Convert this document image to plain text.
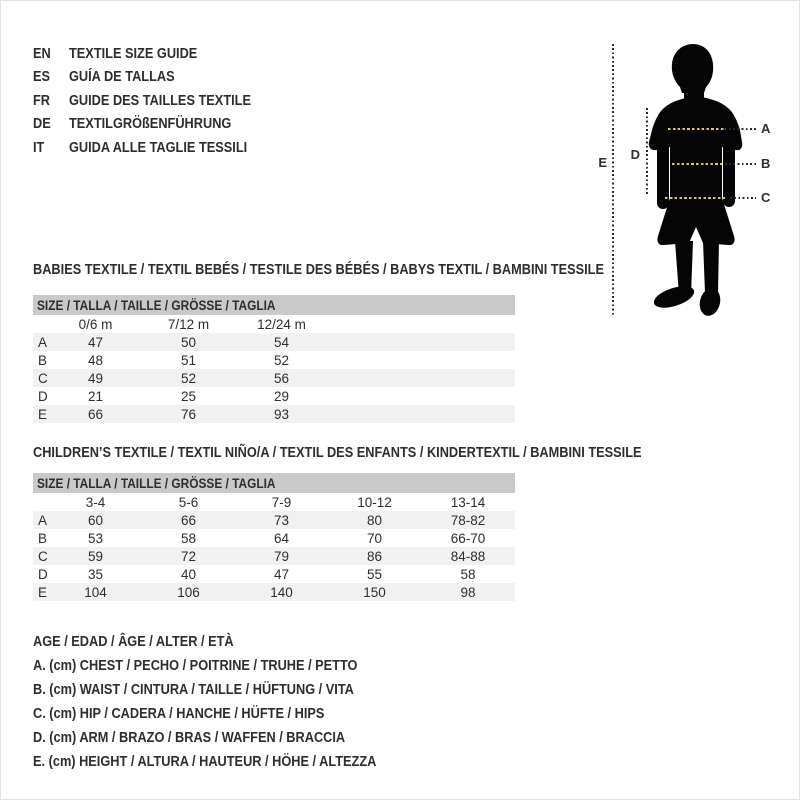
EN	TEXTILE SIZE GUIDE
ES	GUÍA DE TALLAS
FR	GUIDE DES TAILLES TEXTILE
DE	TEXTILGRÖßENFÜHRUNG
IT	GUIDA ALLE TAGLIE TESSILI
A
B
C
D
E
BABIES TEXTILE / TEXTIL BEBÉS / TESTILE DES BÉBÉS / BABYS TEXTIL / BAMBINI TESSILE
SIZE / TALLA / TAILLE / GRÖSSE / TAGLIA					
	0/6 m	7/12 m	12/24 m		
A	47	50	54		
B	48	51	52		
C	49	52	56		
D	21	25	29		
E	66	76	93		
CHILDREN’S TEXTILE / TEXTIL NIÑO/A / TEXTIL DES ENFANTS / KINDERTEXTIL / BAMBINI TESSILE
SIZE / TALLA / TAILLE / GRÖSSE / TAGLIA					
	3-4	5-6	7-9	10-12	13-14
A	60	66	73	80	78-82
B	53	58	64	70	66-70
C	59	72	79	86	84-88
D	35	40	47	55	58
E	104	106	140	150	98
AGE / EDAD / ÂGE / ALTER / ETÀ
A. (cm) CHEST / PECHO / POITRINE / TRUHE / PETTO
B. (cm) WAIST / CINTURA / TAILLE / HÜFTUNG / VITA
C. (cm) HIP / CADERA / HANCHE / HÜFTE / HIPS
D. (cm) ARM / BRAZO / BRAS / WAFFEN / BRACCIA
E. (cm) HEIGHT / ALTURA / HAUTEUR / HÖHE / ALTEZZA
